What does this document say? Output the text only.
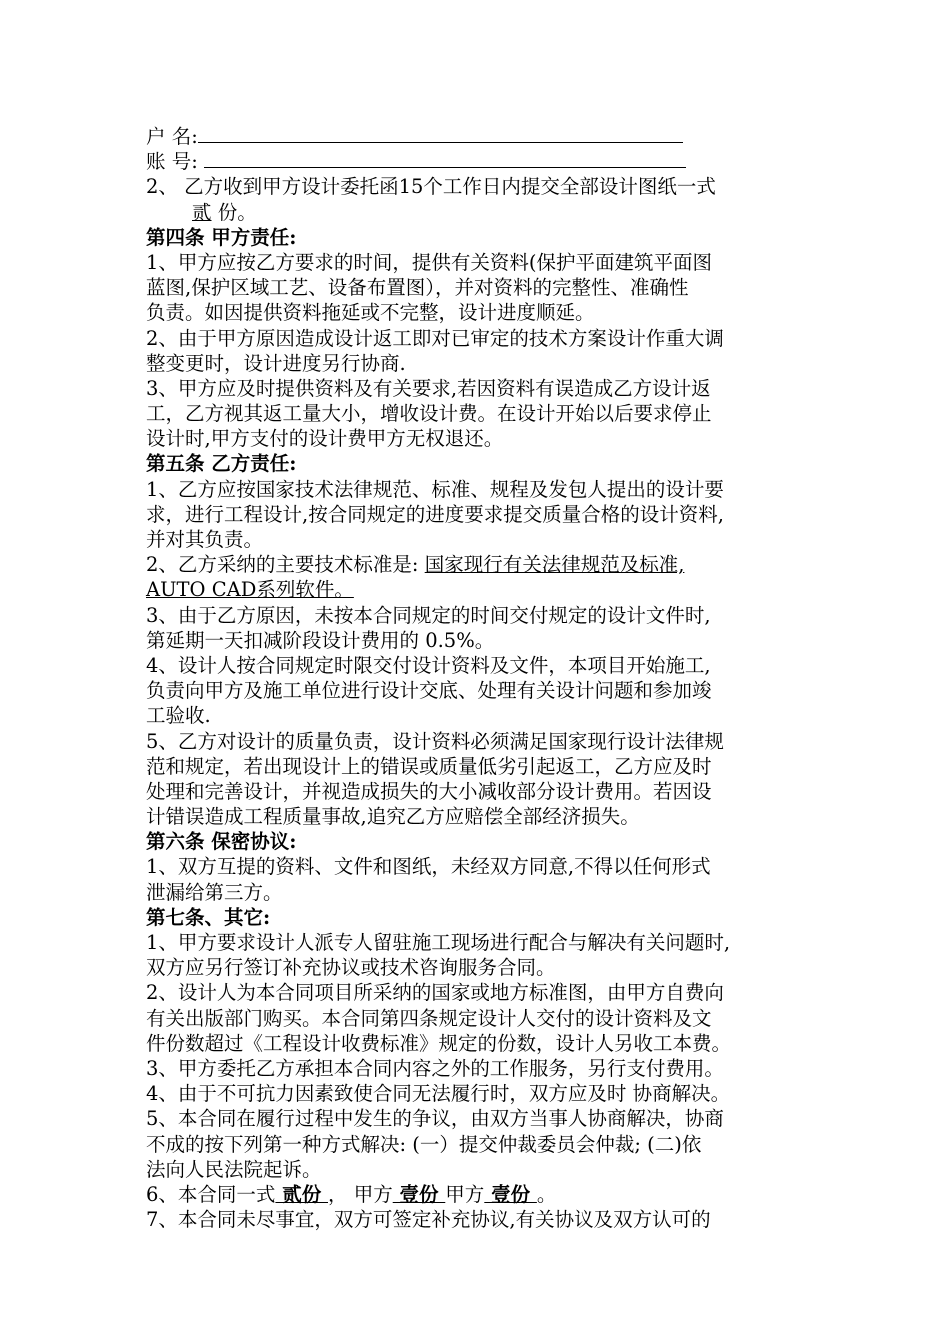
户 名:
账 号:
2、 乙方收到甲方设计委托函15个工作日内提交全部设计图纸一式
贰 份。
第四条 甲方责任:
1、甲方应按乙方要求的时间，提供有关资料(保护平面建筑平面图
蓝图,保护区域工艺、设备布置图），并对资料的完整性、准确性
负责。如因提供资料拖延或不完整，设计进度顺延。
2、由于甲方原因造成设计返工即对已审定的技术方案设计作重大调
整变更时，设计进度另行协商.
3、甲方应及时提供资料及有关要求,若因资料有误造成乙方设计返
工，乙方视其返工量大小，增收设计费。在设计开始以后要求停止
设计时,甲方支付的设计费甲方无权退还。
第五条 乙方责任:
1、乙方应按国家技术法律规范、标准、规程及发包人提出的设计要
求，进行工程设计,按合同规定的进度要求提交质量合格的设计资料,
并对其负责。
2、乙方采纳的主要技术标准是: 国家现行有关法律规范及标准,
AUTO CAD系列软件。
3、由于乙方原因，未按本合同规定的时间交付规定的设计文件时,
第延期一天扣减阶段设计费用的 0.5%。
4、设计人按合同规定时限交付设计资料及文件，本项目开始施工,
负责向甲方及施工单位进行设计交底、处理有关设计问题和参加竣
工验收.
5、乙方对设计的质量负责，设计资料必须满足国家现行设计法律规
范和规定，若出现设计上的错误或质量低劣引起返工，乙方应及时
处理和完善设计，并视造成损失的大小减收部分设计费用。若因设
计错误造成工程质量事故,追究乙方应赔偿全部经济损失。
第六条 保密协议:
1、双方互提的资料、文件和图纸，未经双方同意,不得以任何形式
泄漏给第三方。
第七条、其它:
1、甲方要求设计人派专人留驻施工现场进行配合与解决有关问题时,
双方应另行签订补充协议或技术咨询服务合同。
2、设计人为本合同项目所采纳的国家或地方标准图，由甲方自费向
有关出版部门购买。本合同第四条规定设计人交付的设计资料及文
件份数超过《工程设计收费标准》规定的份数，设计人另收工本费。
3、甲方委托乙方承担本合同内容之外的工作服务，另行支付费用。
4、由于不可抗力因素致使合同无法履行时，双方应及时 协商解决。
5、本合同在履行过程中发生的争议，由双方当事人协商解决，协商
不成的按下列第一种方式解决: (一）提交仲裁委员会仲裁; (二)依
法向人民法院起诉。
6、本合同一式 贰份 ， 甲方 壹份 甲方 壹份 。
7、本合同未尽事宜，双方可签定补充协议,有关协议及双方认可的
